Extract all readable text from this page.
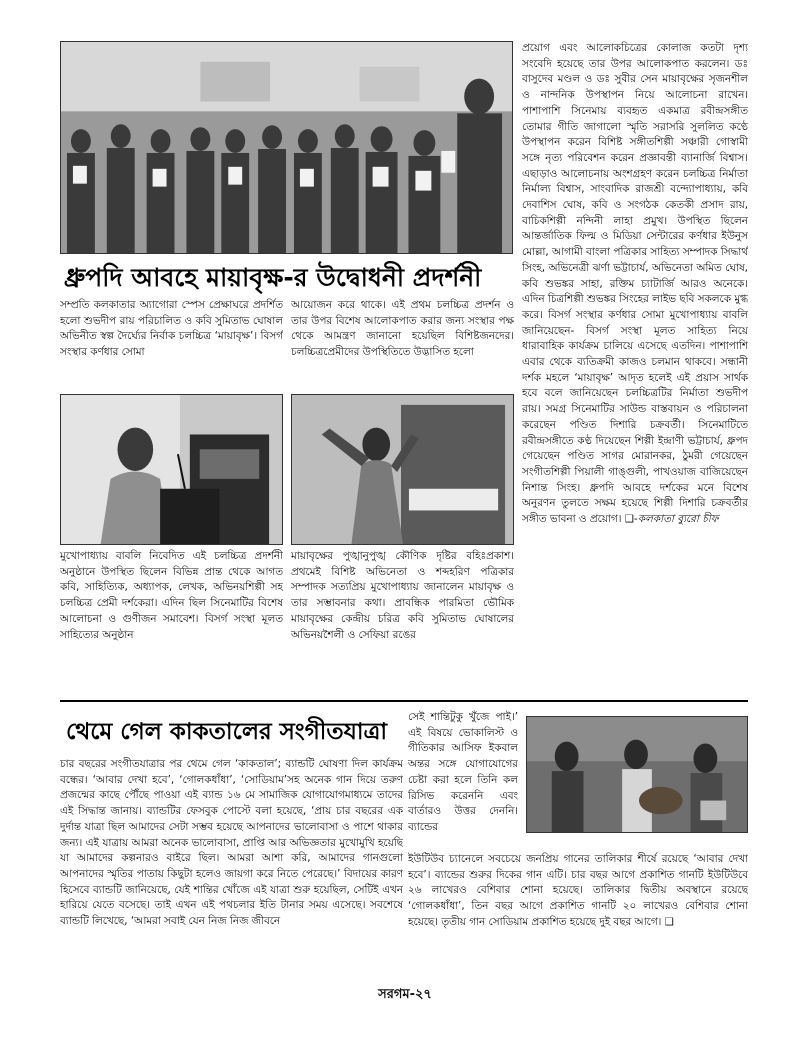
ধ্রুপদি আবহে মায়াবৃক্ষ-র উদ্বোধনী প্রদর্শনী

সম্প্রতি কলকাতার অ্যাগোরা স্পেস প্রেক্ষাঘরে প্রদর্শিত হলো শুভদীপ রায় পরিচালিত ও কবি সুমিতাভ ঘোষাল অভিনীত স্বল্প দৈর্ঘ্যের নির্বাক চলচ্চিত্র ‘মায়াবৃক্ষ’। বিসর্গ সংস্থার কর্ণধার সোমা

আয়োজন করে থাকে। এই প্রথম চলচ্চিত্র প্রদর্শন ও তার উপর বিশেষ আলোকপাত করার জন্য সংস্থার পক্ষ থেকে আমন্ত্রণ জানানো হয়েছিল বিশিষ্টজনদের। চলচ্চিত্রপ্রেমীদের উপস্থিতিতে উদ্ভাসিত হলো

মুখোপাধ্যায় বাবলি নিবেদিত এই চলচ্চিত্র প্রদর্শনী অনুষ্ঠানে উপস্থিত ছিলেন বিভিন্ন প্রান্ত থেকে আগত কবি, সাহিত্যিক, অধ্যাপক, লেখক, অভিনয়শিল্পী সহ চলচ্চিত্র প্রেমী দর্শকেরা। এদিন ছিল সিনেমাটির বিশেষ আলোচনা ও গুণীজন সমাবেশ। বিসর্গ সংস্থা মূলত সাহিত্যের অনুষ্ঠান

মায়াবৃক্ষের পুঙ্খানুপুঙ্খ কৌণিক দৃষ্টির বহিঃপ্রকাশ। প্রথমেই বিশিষ্ট অভিনেতা ও শব্দহরিণ পত্রিকার সম্পাদক সত্যপ্রিয় মুখোপাধ্যায় জানালেন মায়াবৃক্ষ ও তার সম্ভাবনার কথা। প্রাবন্ধিক পারমিতা ভৌমিক মায়াবৃক্ষের কেন্দ্রীয় চরিত্র কবি সুমিতাভ ঘোষালের অভিনয়শৈলী ও সেফিয়া রঙের

প্রয়োগ এবং আলোকচিত্রের কোলাজ কতটা দৃশ্য সংবেদি হয়েছে তার উপর আলোকপাত করলেন। ডঃ বাসুদেব মণ্ডল ও ডঃ সুবীর সেন মায়াবৃক্ষের সৃজনশীল ও নান্দনিক উপস্থাপন নিয়ে আলোচনা রাখেন। পাশাপাশি সিনেমায় ব্যবহৃত একমাত্র রবীন্দ্রসঙ্গীত তোমার গীতি জাগালো স্মৃতি সরাসরি সুললিত কণ্ঠে উপস্থাপন করেন বিশিষ্ট সঙ্গীতশিল্পী সঞ্চারী গোস্বামী সঙ্গে নৃত্য পরিবেশন করেন প্রজ্ঞাবন্তী ব্যানার্জি বিশ্বাস। এছাড়াও আলোচনায় অংশগ্রহণ করেন চলচ্চিত্র নির্মাতা নির্মাল্য বিশ্বাস, সাংবাদিক রাজশ্রী বন্দ্যোপাধ্যায়, কবি দেবাশিস ঘোষ, কবি ও সংগঠক কেতকী প্রসাদ রায়, বাচিকশিল্পী নন্দিনী লাহা প্রমুখ। উপস্থিত ছিলেন আন্তর্জাতিক ফিল্ম ও মিডিয়া সেন্টারের কর্ণধার ইউনুস মোল্লা, আগামী বাংলা পত্রিকার সাহিত্য সম্পাদক সিদ্ধার্থ সিংহ, অভিনেত্রী ঝর্ণা ভট্টাচার্য, অভিনেতা অমিত ঘোষ, কবি শুভঙ্কর সাহা, রক্তিম চ্যাটার্জি আরও অনেকে। এদিন চিত্রশিল্পী শুভঙ্কর সিংহের লাইভ ছবি সকলকে মুগ্ধ করে। বিসর্গ সংস্থার কর্ণধার সোমা মুখোপাধ্যায় বাবলি জানিয়েছেন- বিসর্গ সংস্থা মূলত সাহিত্য নিয়ে ধারাবাহিক কার্যক্রম চালিয়ে এসেছে এতদিন। পাশাপাশি এবার থেকে ব্যতিক্রমী কাজও চলমান থাকবে। সন্ধানী দর্শক মহলে ‘মায়াবৃক্ষ’ আদৃত হলেই এই প্রয়াস সার্থক হবে বলে জানিয়েছেন চলচ্চিত্রটির নির্মাতা শুভদীপ রায়। সমগ্র সিনেমাটির সাউন্ড বাস্তবায়ন ও পরিচালনা করেছেন পণ্ডিত দিশারি চক্রবর্তী। সিনেমাটিতে রবীন্দ্রসঙ্গীতে কণ্ঠ দিয়েছেন শিল্পী ইন্দ্রাণী ভট্টাচার্য, ধ্রুপদ গেয়েছেন পণ্ডিত সাগর মোরানকর, ঠুমরী গেয়েছেন সংগীতশিল্পী পিয়ালী গাঙ্গুলী, পাখওয়াজ বাজিয়েছেন নিশান্ত সিংহ। ধ্রুপদি আবহে দর্শকের মনে বিশেষ অনুরণন তুলতে সক্ষম হয়েছে শিল্পী দিশারি চক্রবর্তীর সঙ্গীত ভাবনা ও প্রয়োগ। ❑-কলকাতা ব্যুরো চীফ

থেমে গেল কাকতালের সংগীতযাত্রা

চার বছরের সংগীতযাত্রার পর থেমে গেল ‘কাকতাল’; ব্যান্ডটি ঘোষণা দিল কার্যক্রম বন্ধের। ‘আবার দেখা হবে’, ‘গোলকধাঁধা’, ‘সোডিয়াম’সহ অনেক গান দিয়ে তরুণ প্রজন্মের কাছে পৌঁছে পাওয়া এই ব্যান্ড ১৬ মে সামাজিক যোগাযোগমাধ্যমে তাদের এই সিদ্ধান্ত জানায়। ব্যান্ডটির ফেসবুক পোস্টে বলা হয়েছে, ‘প্রায় চার বছরের এক দুর্দান্ত যাত্রা ছিল আমাদের সেটা সম্ভব হয়েছে আপনাদের ভালোবাসা ও পাশে থাকার জন্য। এই যাত্রায় আমরা অনেক ভালোবাসা, প্রাপ্তি আর অভিজ্ঞতার মুখোমুখি হয়েছি যা আমাদের কল্পনারও বাইরে ছিল। আমরা আশা করি, আমাদের গানগুলো আপনাদের স্মৃতির পাতায় কিছুটা হলেও জায়গা করে নিতে পেরেছে।’ বিদায়ের কারণ হিসেবে ব্যান্ডটি জানিয়েছে, যেই শান্তির খোঁজে এই যাত্রা শুরু হয়েছিল, সেটিই এখন হারিয়ে যেতে বসেছে। তাই এখন এই পথচলার ইতি টানার সময় এসেছে। সবশেষে ব্যান্ডটি লিখেছে, ‘আমরা সবাই যেন নিজ নিজ জীবনে

সেই শান্তিটুকু খুঁজে পাই।’ এই বিষয়ে ভোকালিস্ট ও গীতিকার আসিফ ইকবাল অন্তর সঙ্গে যোগাযোগের চেষ্টা করা হলে তিনি কল রিসিভ করেননি এবং বার্তারও উত্তর দেননি। ব্যান্ডের

ইউটিউব চ্যানেলে সবচেয়ে জনপ্রিয় গানের তালিকার শীর্ষে রয়েছে ‘আবার দেখা হবে’। ব্যান্ডের শুরুর দিকের গান এটি। চার বছর আগে প্রকাশিত গানটি ইউটিউবে ২৬ লাখেরও বেশিবার শোনা হয়েছে। তালিকার দ্বিতীয় অবস্থানে রয়েছে ‘গোলকধাঁধা’, তিন বছর আগে প্রকাশিত গানটি ২০ লাখেরও বেশিবার শোনা হয়েছে। তৃতীয় গান সোডিয়াম প্রকাশিত হয়েছে দুই বছর আগে। ❑

সরগম-২৭
